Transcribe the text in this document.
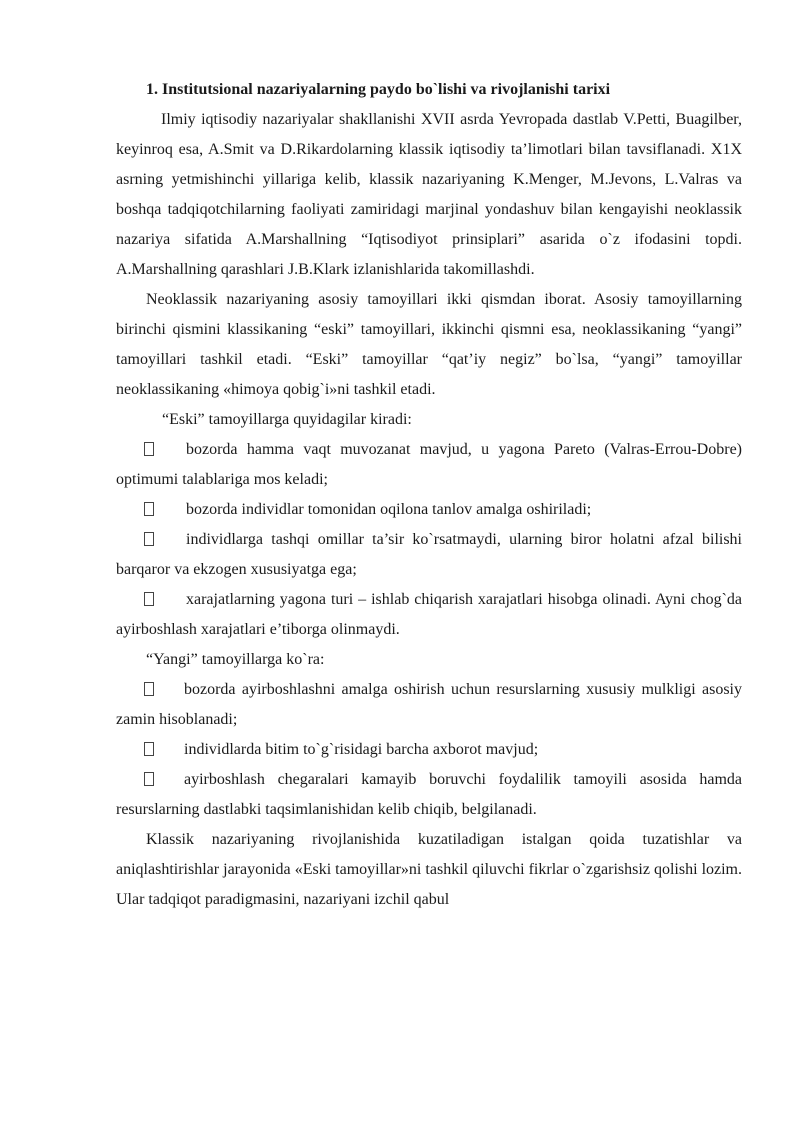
1. Institutsional nazariyalarning paydo bo`lishi va rivojlanishi tarixi

Ilmiy iqtisodiy nazariyalar shakllanishi XVII asrda Yevropada dastlab V.Petti, Buagilber, keyinroq esa, A.Smit va D.Rikardolarning klassik iqtisodiy ta’limotlari bilan tavsiflanadi. X1X asrning yetmishinchi yillariga kelib, klassik nazariyaning K.Menger, M.Jevons, L.Valras va boshqa tadqiqotchilarning faoliyati zamiridagi marjinal yondashuv bilan kengayishi neoklassik nazariya sifatida A.Marshallning “Iqtisodiyot prinsiplari” asarida o`z ifodasini topdi. A.Marshallning qarashlari J.B.Klark izlanishlarida takomillashdi.

Neoklassik nazariyaning asosiy tamoyillari ikki qismdan iborat. Asosiy tamoyillarning birinchi qismini klassikaning “eski” tamoyillari, ikkinchi qismni esa, neoklassikaning “yangi” tamoyillari tashkil etadi. “Eski” tamoyillar “qat’iy negiz” bo`lsa, “yangi” tamoyillar neoklassikaning «himoya qobig`i»ni tashkil etadi.

“Eski” tamoyillarga quyidagilar kiradi:

bozorda hamma vaqt muvozanat mavjud, u yagona Pareto (Valras-Errou-Dobre) optimumi talablariga mos keladi;

bozorda individlar tomonidan oqilona tanlov amalga oshiriladi;

individlarga tashqi omillar ta’sir ko`rsatmaydi, ularning biror holatni afzal bilishi barqaror va ekzogen xususiyatga ega;

xarajatlarning yagona turi – ishlab chiqarish xarajatlari hisobga olinadi. Ayni chog`da ayirboshlash xarajatlari e’tiborga olinmaydi.

“Yangi” tamoyillarga ko`ra:

bozorda ayirboshlashni amalga oshirish uchun resurslarning xususiy mulkligi asosiy zamin hisoblanadi;

individlarda bitim to`g`risidagi barcha axborot mavjud;

ayirboshlash chegaralari kamayib boruvchi foydalilik tamoyili asosida hamda resurslarning dastlabki taqsimlanishidan kelib chiqib, belgilanadi.

Klassik nazariyaning rivojlanishida kuzatiladigan istalgan qoida tuzatishlar va aniqlashtirishlar jarayonida «Eski tamoyillar»ni tashkil qiluvchi fikrlar o`zgarishsiz qolishi lozim. Ular tadqiqot paradigmasini, nazariyani izchil qabul
